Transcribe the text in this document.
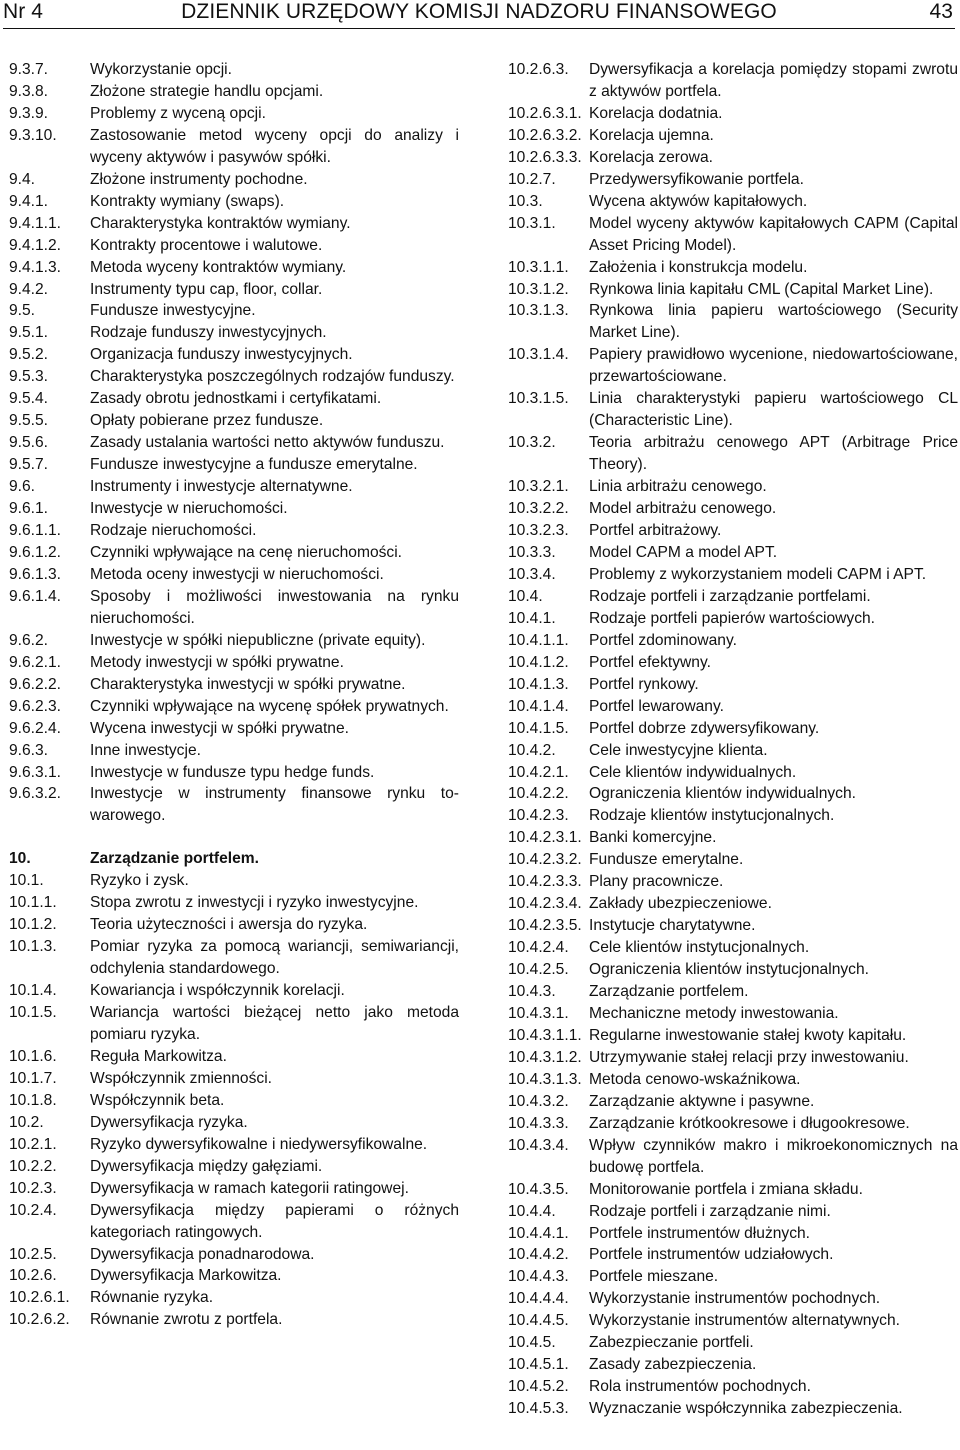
Nr 4	DZIENNIK URZĘDOWY KOMISJI NADZORU FINANSOWEGO	43
9.3.7.	Wykorzystanie opcji.
9.3.8.	Złożone strategie handlu opcjami.
9.3.9.	Problemy z wyceną opcji.
9.3.10.	Zastosowanie metod wyceny opcji do analizy i wyceny aktywów i pasywów spółki.
9.4.	Złożone instrumenty pochodne.
9.4.1.	Kontrakty wymiany (swaps).
9.4.1.1.	Charakterystyka kontraktów wymiany.
9.4.1.2.	Kontrakty procentowe i walutowe.
9.4.1.3.	Metoda wyceny kontraktów wymiany.
9.4.2.	Instrumenty typu cap, floor, collar.
9.5.	Fundusze inwestycyjne.
9.5.1.	Rodzaje funduszy inwestycyjnych.
9.5.2.	Organizacja funduszy inwestycyjnych.
9.5.3.	Charakterystyka poszczególnych rodzajów funduszy.
9.5.4.	Zasady obrotu jednostkami i certyfikatami.
9.5.5.	Opłaty pobierane przez fundusze.
9.5.6.	Zasady ustalania wartości netto aktywów funduszu.
9.5.7.	Fundusze inwestycyjne a fundusze emerytalne.
9.6.	Instrumenty i inwestycje alternatywne.
9.6.1.	Inwestycje w nieruchomości.
9.6.1.1.	Rodzaje nieruchomości.
9.6.1.2.	Czynniki wpływające na cenę nieruchomości.
9.6.1.3.	Metoda oceny inwestycji w nieruchomości.
9.6.1.4.	Sposoby i możliwości inwestowania na rynku nieruchomości.
9.6.2.	Inwestycje w spółki niepubliczne (private equity).
9.6.2.1.	Metody inwestycji w spółki prywatne.
9.6.2.2.	Charakterystyka inwestycji w spółki prywatne.
9.6.2.3.	Czynniki wpływające na wycenę spółek prywatnych.
9.6.2.4.	Wycena inwestycji w spółki prywatne.
9.6.3.	Inne inwestycje.
9.6.3.1.	Inwestycje w fundusze typu hedge funds.
9.6.3.2.	Inwestycje w instrumenty finansowe rynku towarowego.
10.	Zarządzanie portfelem.
10.1.	Ryzyko i zysk.
10.1.1.	Stopa zwrotu z inwestycji i ryzyko inwestycyjne.
10.1.2.	Teoria użyteczności i awersja do ryzyka.
10.1.3.	Pomiar ryzyka za pomocą wariancji, semiwariancji, odchylenia standardowego.
10.1.4.	Kowariancja i współczynnik korelacji.
10.1.5.	Wariancja wartości bieżącej netto jako metoda pomiaru ryzyka.
10.1.6.	Reguła Markowitza.
10.1.7.	Współczynnik zmienności.
10.1.8.	Współczynnik beta.
10.2.	Dywersyfikacja ryzyka.
10.2.1.	Ryzyko dywersyfikowalne i niedywersyfikowalne.
10.2.2.	Dywersyfikacja między gałęziami.
10.2.3.	Dywersyfikacja w ramach kategorii ratingowej.
10.2.4.	Dywersyfikacja między papierami o różnych kategoriach ratingowych.
10.2.5.	Dywersyfikacja ponadnarodowa.
10.2.6.	Dywersyfikacja Markowitza.
10.2.6.1.	Równanie ryzyka.
10.2.6.2.	Równanie zwrotu z portfela.
10.2.6.3.	Dywersyfikacja a korelacja pomiędzy stopami zwrotu z aktywów portfela.
10.2.6.3.1. Korelacja dodatnia.
10.2.6.3.2. Korelacja ujemna.
10.2.6.3.3. Korelacja zerowa.
10.2.7.	Przedywersyfikowanie portfela.
10.3.	Wycena aktywów kapitałowych.
10.3.1.	Model wyceny aktywów kapitałowych CAPM (Capital Asset Pricing Model).
10.3.1.1.	Założenia i konstrukcja modelu.
10.3.1.2.	Rynkowa linia kapitału CML (Capital Market Line).
10.3.1.3.	Rynkowa linia papieru wartościowego (Security Market Line).
10.3.1.4.	Papiery prawidłowo wycenione, niedowartościowane, przewartościowane.
10.3.1.5.	Linia charakterystyki papieru wartościowego CL (Characteristic Line).
10.3.2.	Teoria arbitrażu cenowego APT (Arbitrage Price Theory).
10.3.2.1.	Linia arbitrażu cenowego.
10.3.2.2.	Model arbitrażu cenowego.
10.3.2.3.	Portfel arbitrażowy.
10.3.3.	Model CAPM a model APT.
10.3.4.	Problemy z wykorzystaniem modeli CAPM i APT.
10.4.	Rodzaje portfeli i zarządzanie portfelami.
10.4.1.	Rodzaje portfeli papierów wartościowych.
10.4.1.1.	Portfel zdominowany.
10.4.1.2.	Portfel efektywny.
10.4.1.3.	Portfel rynkowy.
10.4.1.4.	Portfel lewarowany.
10.4.1.5.	Portfel dobrze zdywersyfikowany.
10.4.2.	Cele inwestycyjne klienta.
10.4.2.1.	Cele klientów indywidualnych.
10.4.2.2.	Ograniczenia klientów indywidualnych.
10.4.2.3.	Rodzaje klientów instytucjonalnych.
10.4.2.3.1. Banki komercyjne.
10.4.2.3.2. Fundusze emerytalne.
10.4.2.3.3. Plany pracownicze.
10.4.2.3.4. Zakłady ubezpieczeniowe.
10.4.2.3.5. Instytucje charytatywne.
10.4.2.4.	Cele klientów instytucjonalnych.
10.4.2.5.	Ograniczenia klientów instytucjonalnych.
10.4.3.	Zarządzanie portfelem.
10.4.3.1.	Mechaniczne metody inwestowania.
10.4.3.1.1. Regularne inwestowanie stałej kwoty kapitału.
10.4.3.1.2. Utrzymywanie stałej relacji przy inwestowaniu.
10.4.3.1.3. Metoda cenowo-wskaźnikowa.
10.4.3.2.	Zarządzanie aktywne i pasywne.
10.4.3.3.	Zarządzanie krótkookresowe i długookresowe.
10.4.3.4.	Wpływ czynników makro i mikroekonomicznych na budowę portfela.
10.4.3.5.	Monitorowanie portfela i zmiana składu.
10.4.4.	Rodzaje portfeli i zarządzanie nimi.
10.4.4.1.	Portfele instrumentów dłużnych.
10.4.4.2.	Portfele instrumentów udziałowych.
10.4.4.3.	Portfele mieszane.
10.4.4.4.	Wykorzystanie instrumentów pochodnych.
10.4.4.5.	Wykorzystanie instrumentów alternatywnych.
10.4.5.	Zabezpieczanie portfeli.
10.4.5.1.	Zasady zabezpieczenia.
10.4.5.2.	Rola instrumentów pochodnych.
10.4.5.3.	Wyznaczanie współczynnika zabezpieczenia.
